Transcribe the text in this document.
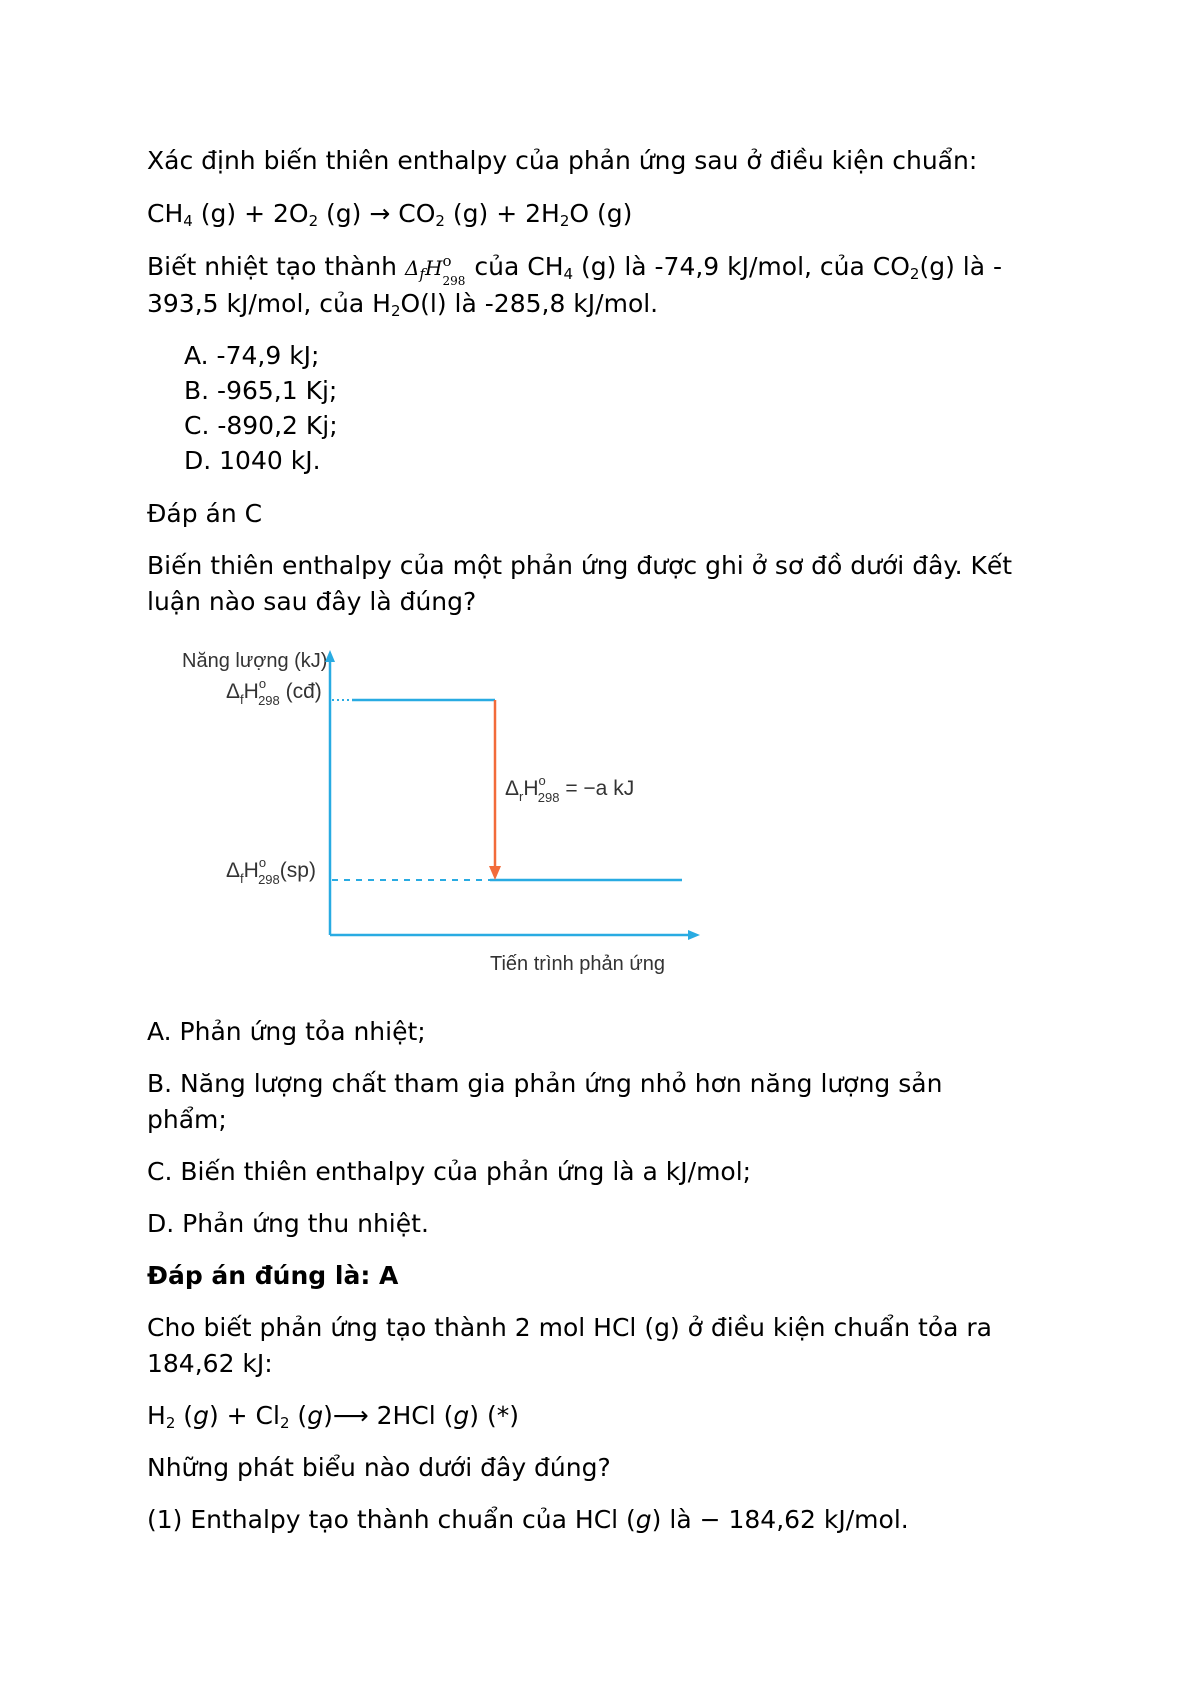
Xác định biến thiên enthalpy của phản ứng sau ở điều kiện chuẩn:

$CH_4$ $(g) + 2O_2$ $(g) \to CO_2$ $(g) + 2H_2O$ (g)

Biết nhiệt tạo thành $\Delta_fH$ o
298 của $CH_4$ (g) là -74,9 kJ/mol, của $CO_2(g)$ là -
393,5 kJ/mol, của $H_2O(l)$ là -285,8 kJ/mol.

A. -74,9 kJ;

B. -965,1 Kj;

C. -890,2 Kj;

D. 1040 kJ.

Đáp án C

Biến thiên enthalpy của một phản ứng được ghi ở sơ đồ dưới đây. Kết
luận nào sau đây là đúng?

Năng lượng (kJ)
$\Delta_fH^o$ 298 (cđ)
$\Delta_rH^o$ 298 = −a kJ
$\Delta_fH^o$ 298(sp)
Tiến trình phản ứng

A. Phản ứng tỏa nhiệt;

B. Năng lượng chất tham gia phản ứng nhỏ hơn năng lượng sản
phẩm;

C. Biến thiên enthalpy của phản ứng là a kJ/mol;

D. Phản ứng thu nhiệt.

Đáp án đúng là: A

Cho biết phản ứng tạo thành 2 mol HCl (g) ở điều kiện chuẩn tỏa ra
184,62 kJ:

$H_2$ $(g) + Cl_2$ (g)⟶ 2HCl (g) (*)

Những phát biểu nào dưới đây đúng?

(1) Enthalpy tạo thành chuẩn của HCl (g) là − 184,62 kJ/mol.
